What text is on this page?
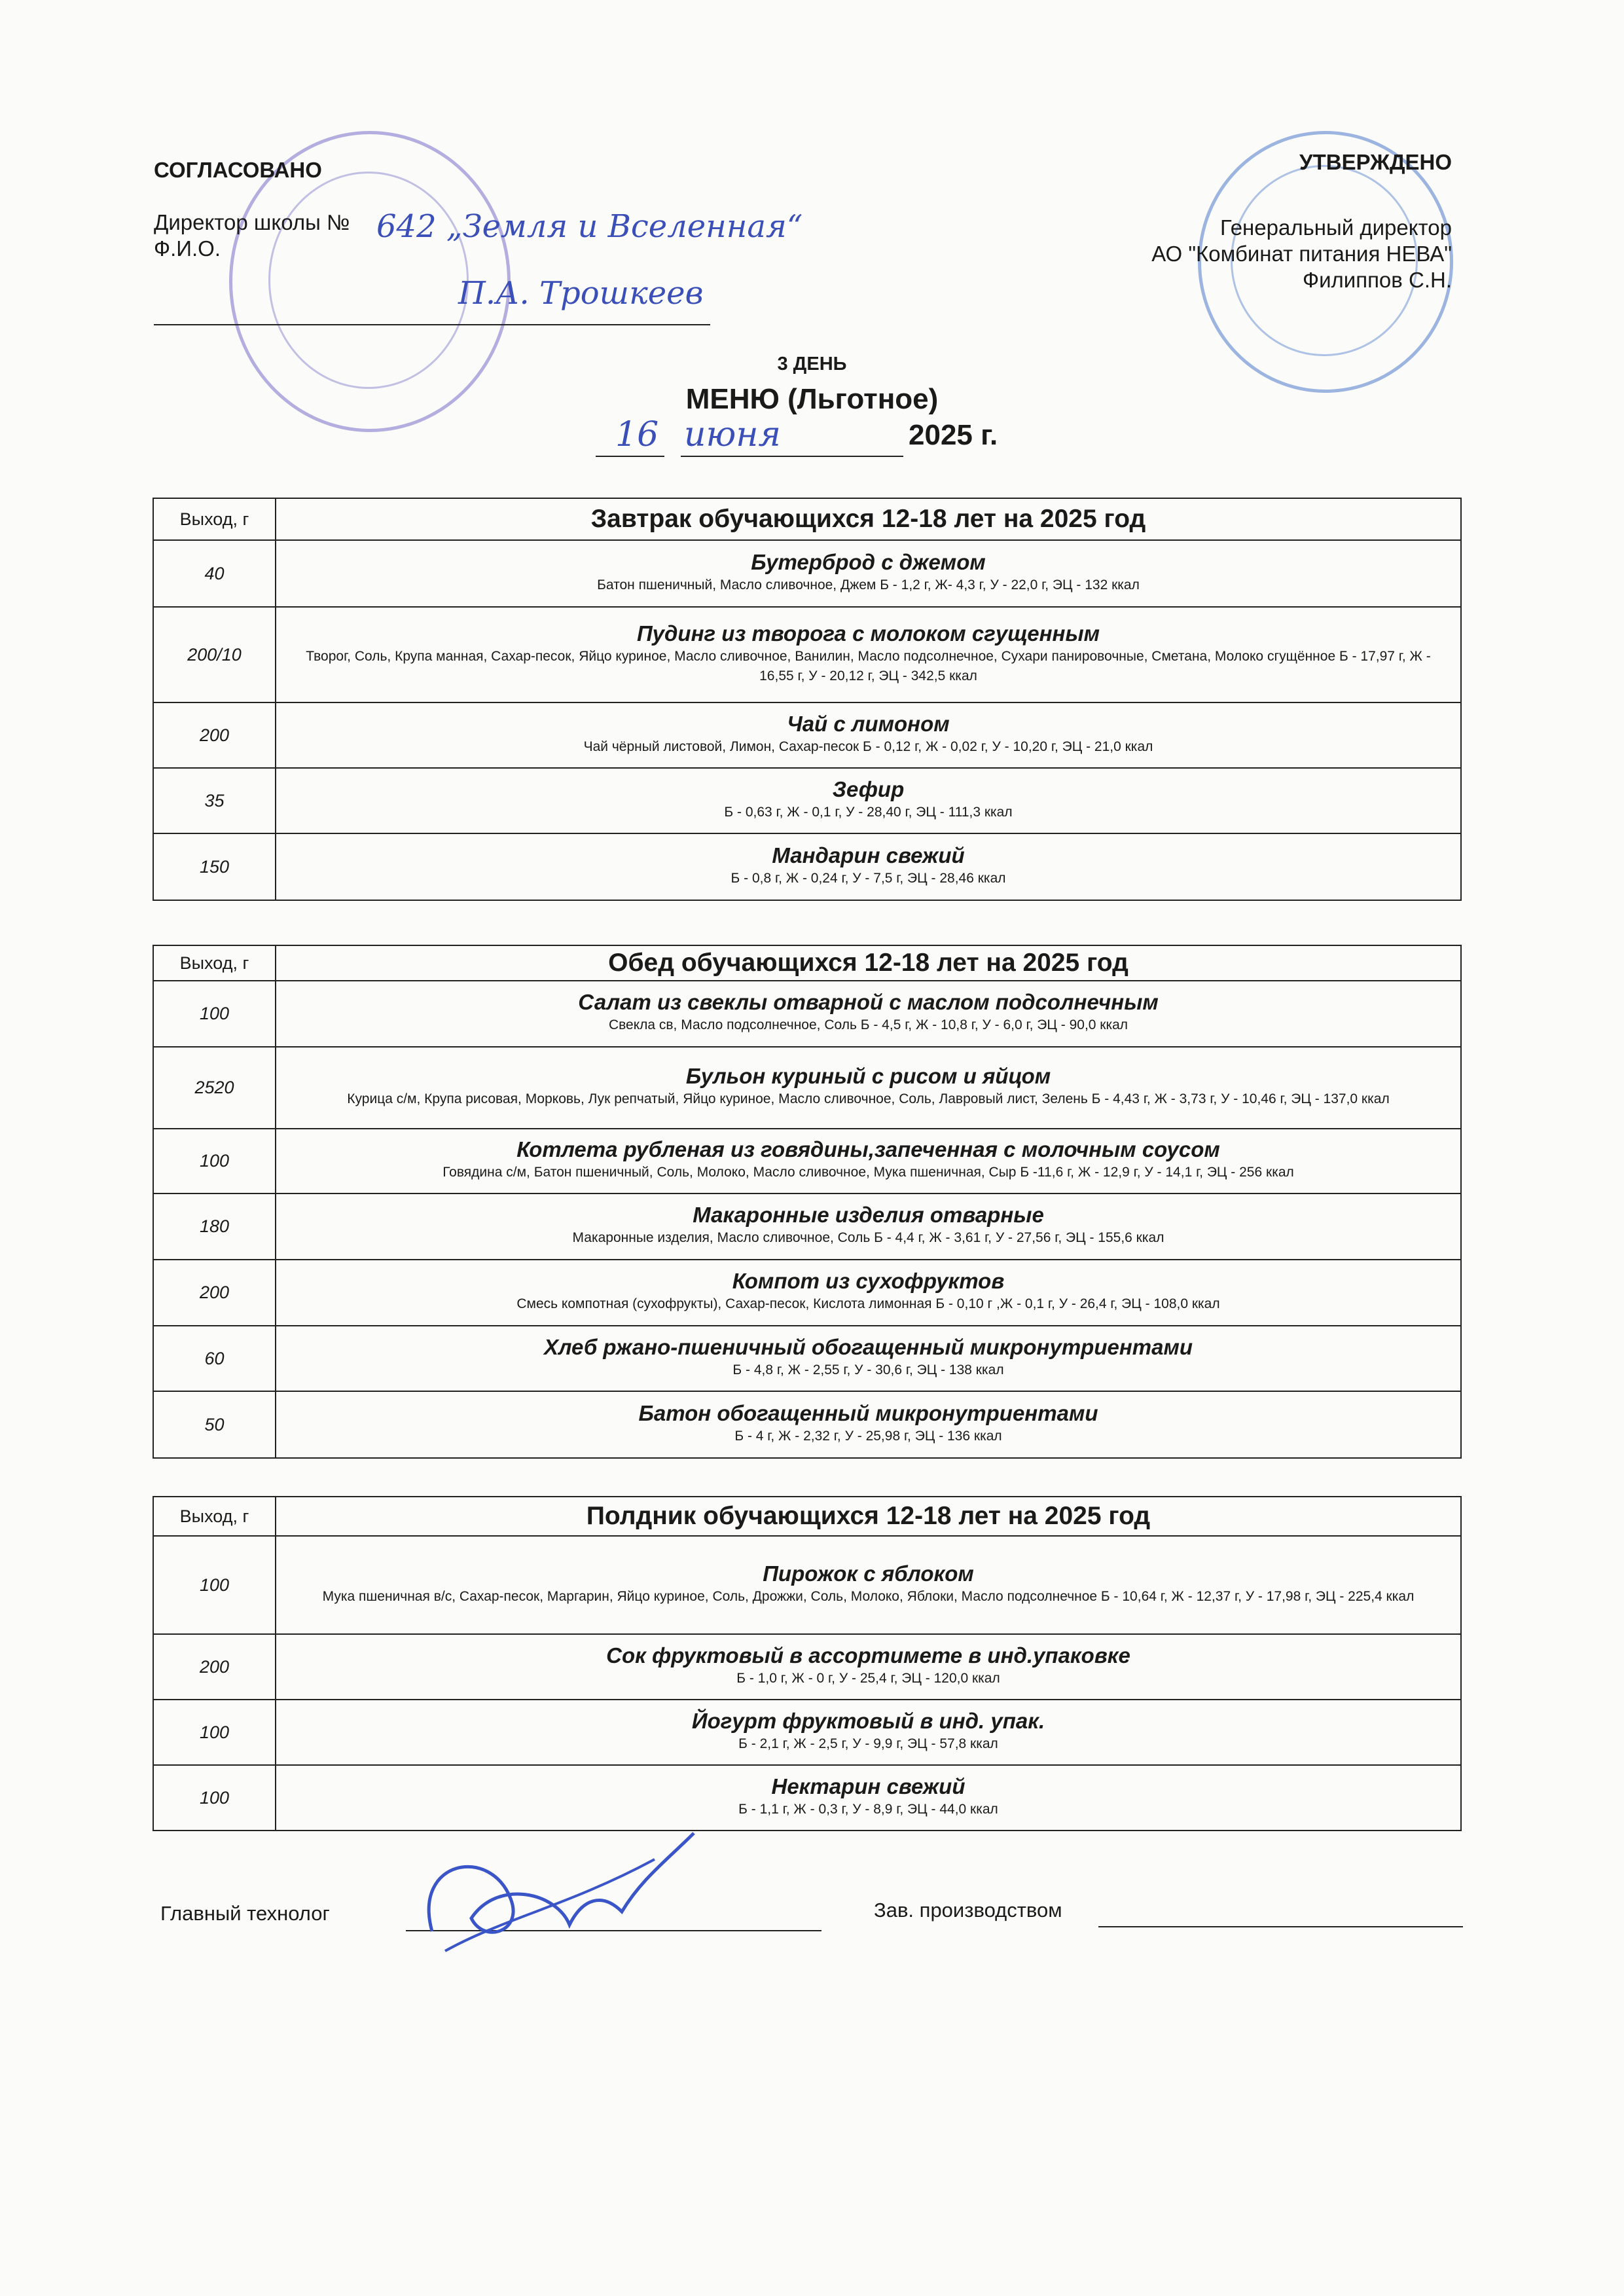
СОГЛАСОВАНО
Директор школы №
Ф.И.О.
642 „Земля и Вселенная“
П.А. Трошкеев
УТВЕРЖДЕНО
Генеральный директор
АО "Комбинат питания НЕВА"
Филиппов С.Н.
3 ДЕНЬ
МЕНЮ (Льготное)
16 июня	2025 г.
Выход, г	Завтрак обучающихся 12-18 лет на 2025 год
40	Бутерброд с джемом
Батон пшеничный, Масло сливочное, Джем Б - 1,2 г, Ж- 4,3 г, У - 22,0 г, ЭЦ - 132 ккал

200/10	Пудинг из творога с молоком сгущенным
Творог, Соль, Крупа манная, Сахар-песок, Яйцо куриное, Масло сливочное, Ванилин, Масло подсолнечное, Сухари панировочные, Сметана, Молоко сгущённое Б - 17,97 г, Ж - 16,55 г, У - 20,12 г, ЭЦ - 342,5 ккал

200	Чай с лимоном
Чай чёрный листовой, Лимон, Сахар-песок Б - 0,12 г, Ж - 0,02 г, У - 10,20 г, ЭЦ - 21,0 ккал

35	Зефир
Б - 0,63 г, Ж - 0,1 г, У - 28,40 г, ЭЦ - 111,3 ккал

150	Мандарин свежий
Б - 0,8 г, Ж - 0,24 г, У - 7,5 г, ЭЦ - 28,46 ккал
Выход, г	Обед обучающихся 12-18 лет на 2025 год
100	Салат из свеклы отварной с маслом подсолнечным
Свекла св, Масло подсолнечное, Соль Б - 4,5 г, Ж - 10,8 г, У - 6,0 г, ЭЦ - 90,0 ккал

2520	Бульон куриный с рисом и яйцом
Курица с/м, Крупа рисовая, Морковь, Лук репчатый, Яйцо куриное, Масло сливочное, Соль, Лавровый лист, Зелень Б - 4,43 г, Ж - 3,73 г, У - 10,46 г, ЭЦ - 137,0 ккал

100	Котлета рубленая из говядины,запеченная с молочным соусом
Говядина с/м, Батон пшеничный, Соль, Молоко, Масло сливочное, Мука пшеничная, Сыр Б -11,6 г, Ж - 12,9 г, У - 14,1 г, ЭЦ - 256 ккал

180	Макаронные изделия отварные
Макаронные изделия, Масло сливочное, Соль Б - 4,4 г, Ж - 3,61 г, У - 27,56 г, ЭЦ - 155,6 ккал

200	Компот из сухофруктов
Смесь компотная (сухофрукты), Сахар-песок, Кислота лимонная Б - 0,10 г ,Ж - 0,1 г, У - 26,4 г, ЭЦ - 108,0 ккал

60	Хлеб ржано-пшеничный обогащенный микронутриентами
Б - 4,8 г, Ж - 2,55 г, У - 30,6 г, ЭЦ - 138 ккал

50	Батон обогащенный микронутриентами
Б - 4 г, Ж - 2,32 г, У - 25,98 г, ЭЦ - 136 ккал
Выход, г	Полдник обучающихся 12-18 лет на 2025 год
100	Пирожок с яблоком
Мука пшеничная в/с, Сахар-песок, Маргарин, Яйцо куриное, Соль, Дрожжи, Соль, Молоко, Яблоки, Масло подсолнечное Б - 10,64 г, Ж - 12,37 г, У - 17,98 г, ЭЦ - 225,4 ккал

200	Сок фруктовый в ассортимете в инд.упаковке
Б - 1,0 г, Ж - 0 г, У - 25,4 г, ЭЦ - 120,0 ккал

100	Йогурт фруктовый в инд. упак.
Б - 2,1 г, Ж - 2,5 г, У - 9,9 г, ЭЦ - 57,8 ккал

100	Нектарин свежий
Б - 1,1 г, Ж - 0,3 г, У - 8,9 г, ЭЦ - 44,0 ккал
Главный технолог	Зав. производством
